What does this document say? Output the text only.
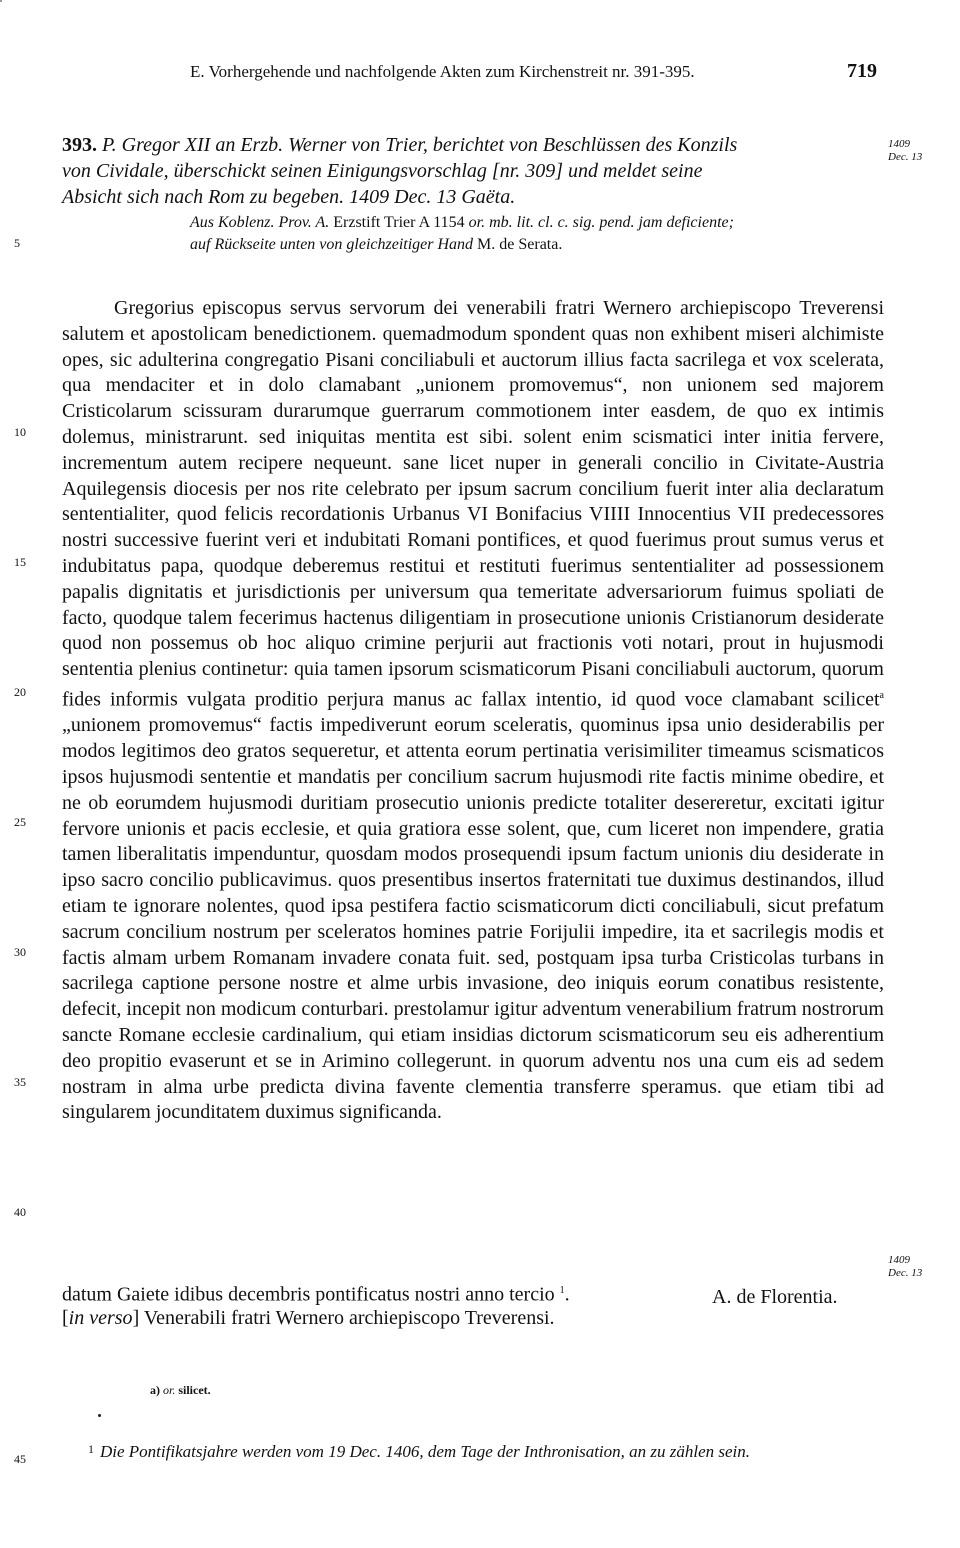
E. Vorhergehende und nachfolgende Akten zum Kirchenstreit nr. 391-395.	719
393. P. Gregor XII an Erzb. Werner von Trier, berichtet von Beschlüssen des Konzils
von Cividale, überschickt seinen Einigungsvorschlag [nr. 309] und meldet seine
Absicht sich nach Rom zu begeben. 1409 Dec. 13 Gaëta.
1409
Dec. 13
Aus Koblenz. Prov. A. Erzstift Trier A 1154 or. mb. lit. cl. c. sig. pend. jam deficiente;
auf Rückseite unten von gleichzeitiger Hand M. de Serata.
5
10
15
20
25
30
35
40
45
Gregorius episcopus servus servorum dei venerabili fratri Wernero archiepiscopo Treverensi salutem et apostolicam benedictionem. quemadmodum spondent quas non exhibent miseri alchimiste opes, sic adulterina congregatio Pisani conciliabuli et auctorum illius facta sacrilega et vox scelerata, qua mendaciter et in dolo clamabant „unionem promovemus“, non unionem sed majorem Cristicolarum scissuram durarumque guerrarum commotionem inter easdem, de quo ex intimis dolemus, ministrarunt. sed iniquitas mentita est sibi. solent enim scismatici inter initia fervere, incrementum autem recipere nequeunt. sane licet nuper in generali concilio in Civitate-Austria Aquilegensis diocesis per nos rite celebrato per ipsum sacrum concilium fuerit inter alia declaratum sententialiter, quod felicis recordationis Urbanus VI Bonifacius VIIII Innocentius VII predecessores nostri successive fuerint veri et indubitati Romani pontifices, et quod fuerimus prout sumus verus et indubitatus papa, quodque deberemus restitui et restituti fuerimus sententialiter ad possessionem papalis dignitatis et jurisdictionis per universum qua temeritate adversariorum fuimus spoliati de facto, quodque talem fecerimus hactenus diligentiam in prosecutione unionis Cristianorum desiderate quod non possemus ob hoc aliquo crimine perjurii aut fractionis voti notari, prout in hujusmodi sententia plenius continetur: quia tamen ipsorum scismaticorum Pisani conciliabuli auctorum, quorum fides informis vulgata proditio perjura manus ac fallax intentio, id quod voce clamabant scilicet$^a$ „unionem promovemus“ factis impediverunt eorum sceleratis, quominus ipsa unio desiderabilis per modos legitimos deo gratos sequeretur, et attenta eorum pertinatia verisimiliter timeamus scismaticos ipsos hujusmodi sententie et mandatis per concilium sacrum hujusmodi rite factis minime obedire, et ne ob eorumdem hujusmodi duritiam prosecutio unionis predicte totaliter desereretur, excitati igitur fervore unionis et pacis ecclesie, et quia gratiora esse solent, que, cum liceret non impendere, gratia tamen liberalitatis impenduntur, quosdam modos prosequendi ipsum factum unionis diu desiderate in ipso sacro concilio publicavimus. quos presentibus insertos fraternitati tue duximus destinandos, illud etiam te ignorare nolentes, quod ipsa pestifera factio scismaticorum dicti conciliabuli, sicut prefatum sacrum concilium nostrum per sceleratos homines patrie Forijulii impedire, ita et sacrilegis modis et factis almam urbem Romanam invadere conata fuit. sed, postquam ipsa turba Cristicolas turbans in sacrilega captione persone nostre et alme urbis invasione, deo iniquis eorum conatibus resistente, defecit, incepit non modicum conturbari. prestolamur igitur adventum venerabilium fratrum nostrorum sancte Romane ecclesie cardinalium, qui etiam insidias dictorum scismaticorum seu eis adherentium deo propitio evaserunt et se in Arimino collegerunt. in quorum adventu nos una cum eis ad sedem nostram in alma urbe predicta divina favente clementia transferre speramus. que etiam tibi ad singularem jocunditatem duximus significanda.
1409
Dec. 13
datum Gaiete idibus decembris pontificatus nostri anno tercio $^1$.	A. de Florentia.
[in verso] Venerabili fratri Wernero archiepiscopo Treverensi.
a) or. silicet.
$^1$ Die Pontifikatsjahre werden vom 19 Dec. 1406, dem Tage der Inthronisation, an zu zählen sein.
